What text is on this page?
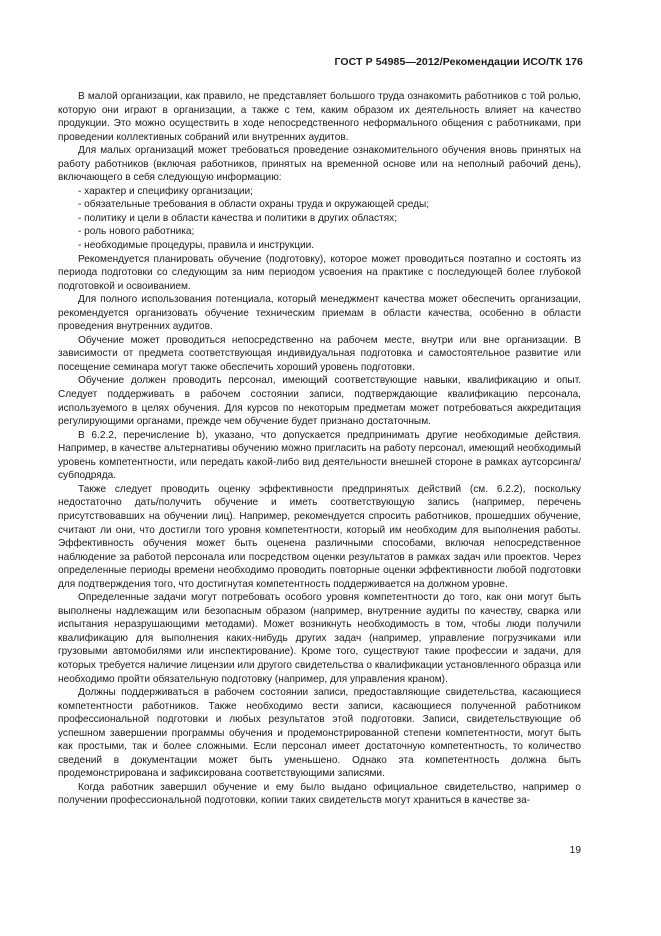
ГОСТ Р 54985—2012/Рекомендации ИСО/ТК 176

В малой организации, как правило, не представляет большого труда ознакомить работников с той ролью, которую они играют в организации, а также с тем, каким образом их деятельность влияет на качество продукции. Это можно осуществить в ходе непосредственного неформального общения с работниками, при проведении коллективных собраний или внутренних аудитов.

Для малых организаций может требоваться проведение ознакомительного обучения вновь принятых на работу работников (включая работников, принятых на временной основе или на неполный рабочий день), включающего в себя следующую информацию:

- характер и специфику организации;
- обязательные требования в области охраны труда и окружающей среды;
- политику и цели в области качества и политики в других областях;
- роль нового работника;
- необходимые процедуры, правила и инструкции.

Рекомендуется планировать обучение (подготовку), которое может проводиться поэтапно и состоять из периода подготовки со следующим за ним периодом усвоения на практике с последующей более глубокой подготовкой и освоиванием.

Для полного использования потенциала, который менеджмент качества может обеспечить организации, рекомендуется организовать обучение техническим приемам в области качества, особенно в области проведения внутренних аудитов.

Обучение может проводиться непосредственно на рабочем месте, внутри или вне организации. В зависимости от предмета соответствующая индивидуальная подготовка и самостоятельное развитие или посещение семинара могут также обеспечить хороший уровень подготовки.

Обучение должен проводить персонал, имеющий соответствующие навыки, квалификацию и опыт. Следует поддерживать в рабочем состоянии записи, подтверждающие квалификацию персонала, используемого в целях обучения. Для курсов по некоторым предметам может потребоваться аккредитация регулирующими органами, прежде чем обучение будет признано достаточным.

В 6.2.2, перечисление b), указано, что допускается предпринимать другие необходимые действия. Например, в качестве альтернативы обучению можно пригласить на работу персонал, имеющий необходимый уровень компетентности, или передать какой-либо вид деятельности внешней стороне в рамках аутсорсинга/субподряда.

Также следует проводить оценку эффективности предпринятых действий (см. 6.2.2), поскольку недостаточно дать/получить обучение и иметь соответствующую запись (например, перечень присутствовавших на обучении лиц). Например, рекомендуется спросить работников, прошедших обучение, считают ли они, что достигли того уровня компетентности, который им необходим для выполнения работы. Эффективность обучения может быть оценена различными способами, включая непосредственное наблюдение за работой персонала или посредством оценки результатов в рамках задач или проектов. Через определенные периоды времени необходимо проводить повторные оценки эффективности любой подготовки для подтверждения того, что достигнутая компетентность поддерживается на должном уровне.

Определенные задачи могут потребовать особого уровня компетентности до того, как они могут быть выполнены надлежащим или безопасным образом (например, внутренние аудиты по качеству, сварка или испытания неразрушающими методами). Может возникнуть необходимость в том, чтобы люди получили квалификацию для выполнения каких-нибудь других задач (например, управление погрузчиками или грузовыми автомобилями или инспектирование). Кроме того, существуют такие профессии и задачи, для которых требуется наличие лицензии или другого свидетельства о квалификации установленного образца или необходимо пройти обязательную подготовку (например, для управления краном).

Должны поддерживаться в рабочем состоянии записи, предоставляющие свидетельства, касающиеся компетентности работников. Также необходимо вести записи, касающиеся полученной работником профессиональной подготовки и любых результатов этой подготовки. Записи, свидетельствующие об успешном завершении программы обучения и продемонстрированной степени компетентности, могут быть как простыми, так и более сложными. Если персонал имеет достаточную компетентность, то количество сведений в документации может быть уменьшено. Однако эта компетентность должна быть продемонстрирована и зафиксирована соответствующими записями.

Когда работник завершил обучение и ему было выдано официальное свидетельство, например о получении профессиональной подготовки, копии таких свидетельств могут храниться в качестве за-

19
